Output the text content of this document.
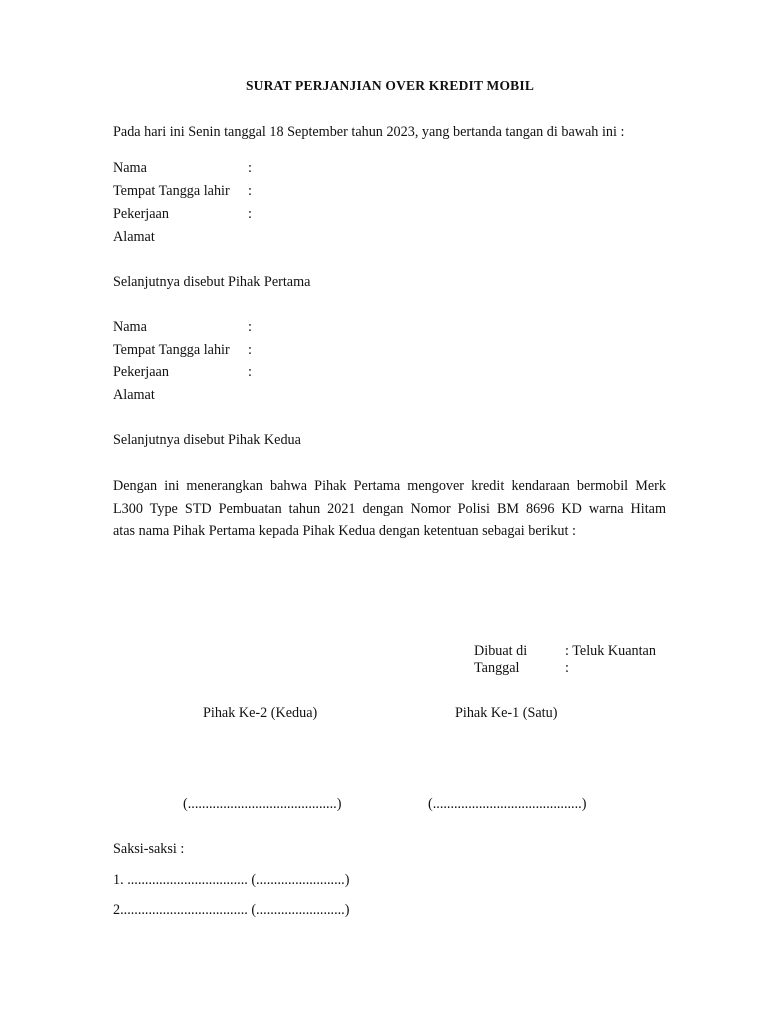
SURAT PERJANJIAN OVER KREDIT MOBIL
Pada hari ini Senin tanggal 18 September tahun 2023, yang bertanda tangan di bawah ini :
Nama	:
Tempat Tangga lahir :
Pekerjaan	:
Alamat
Selanjutnya disebut Pihak Pertama
Nama	:
Tempat Tangga lahir :
Pekerjaan	:
Alamat
Selanjutnya disebut Pihak Kedua
Dengan ini menerangkan bahwa Pihak Pertama mengover kredit kendaraan bermobil Merk
L300 Type STD Pembuatan tahun 2021 dengan Nomor Polisi BM 8696 KD warna Hitam
atas nama Pihak Pertama kepada Pihak Kedua dengan ketentuan sebagai berikut :
Dibuat di	: Teluk Kuantan
Tanggal	:
Pihak Ke-2 (Kedua)	Pihak Ke-1 (Satu)
(..........................................)	(..........................................)
Saksi-saksi :
1. .................................. (.........................)
2.................................... (.........................)
